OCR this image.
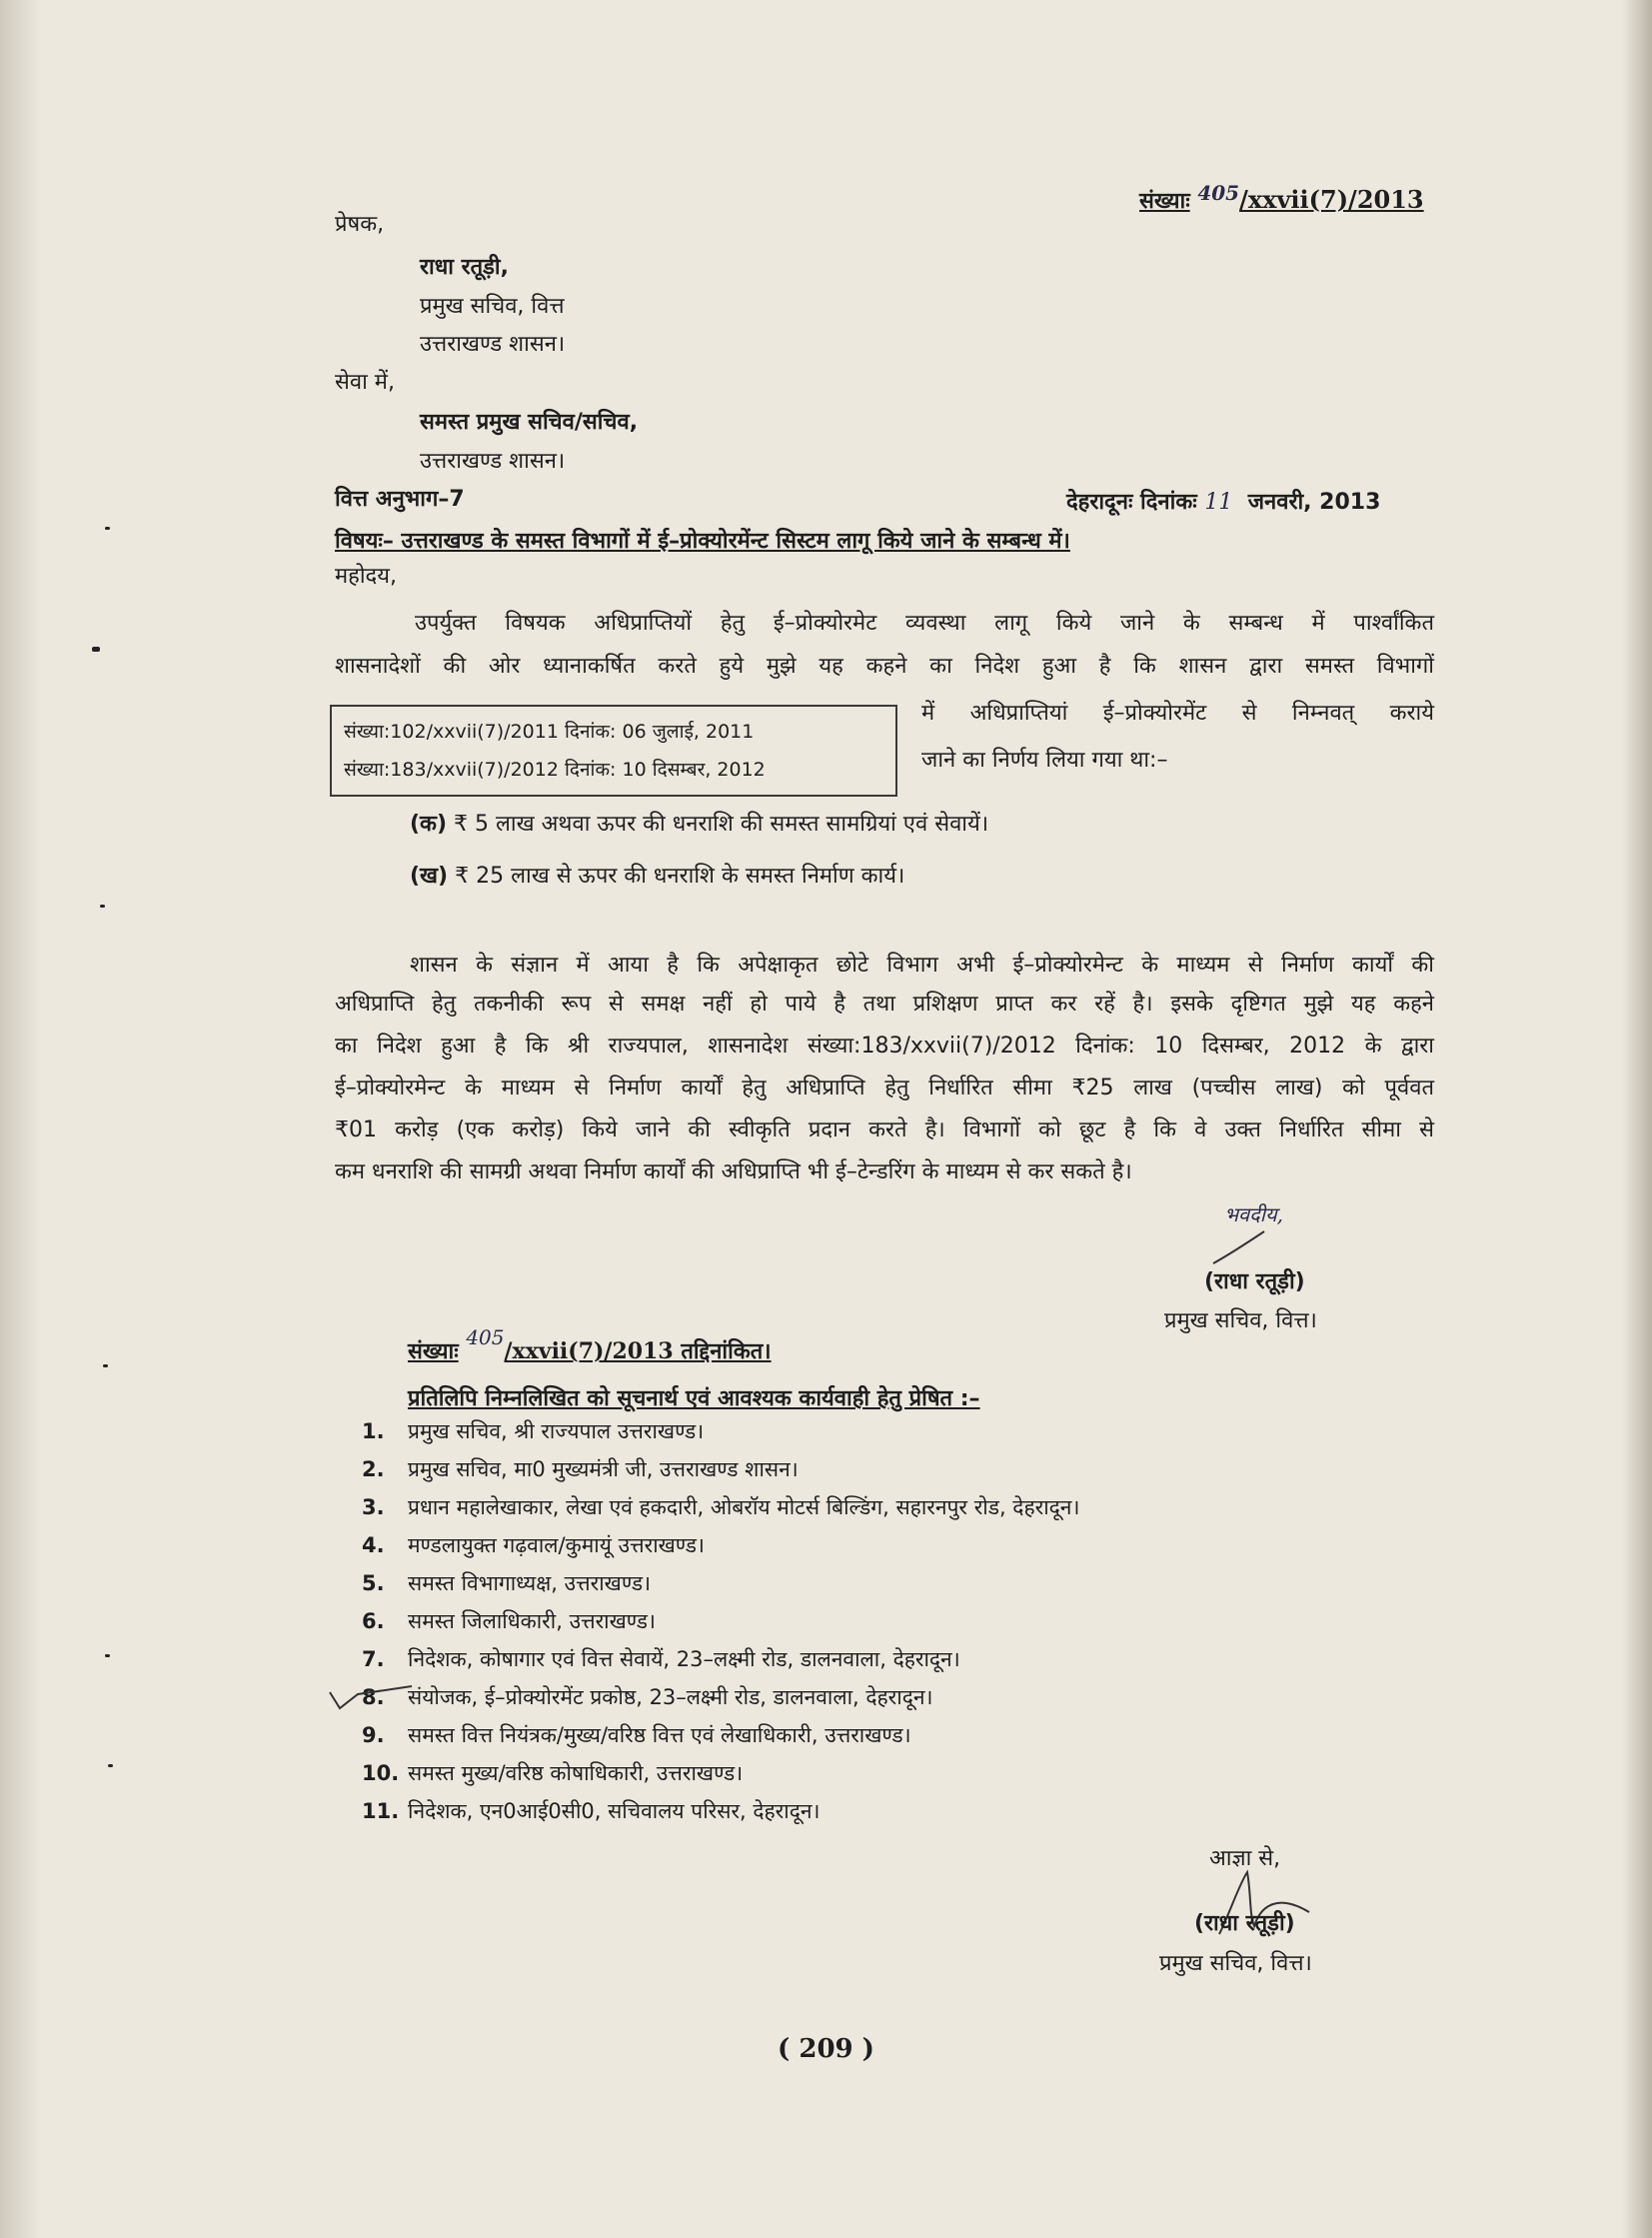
संख्याः 405/xxvii(7)/2013
प्रेषक,
राधा रतूड़ी,
प्रमुख सचिव, वित्त
उत्तराखण्ड शासन।
सेवा में,
समस्त प्रमुख सचिव/सचिव,
उत्तराखण्ड शासन।
वित्त अनुभाग–7	देहरादूनः दिनांकः 11 जनवरी, 2013
विषयः– उत्तराखण्ड के समस्त विभागों में ई–प्रोक्योरमेंन्ट सिस्टम लागू किये जाने के सम्बन्ध में।
महोदय,
उपर्युक्त विषयक अधिप्राप्तियों हेतु ई–प्रोक्योरमेट व्यवस्था लागू किये जाने के सम्बन्ध में पार्श्वांकित
शासनादेशों की ओर ध्यानाकर्षित करते हुये मुझे यह कहने का निदेश हुआ है कि शासन द्वारा समस्त विभागों
में अधिप्राप्तियां ई–प्रोक्योरमेंट से निम्नवत् कराये
जाने का निर्णय लिया गया था:–
संख्या:102/xxvii(7)/2011 दिनांक: 06 जुलाई, 2011
संख्या:183/xxvii(7)/2012 दिनांक: 10 दिसम्बर, 2012
(क) ₹ 5 लाख अथवा ऊपर की धनराशि की समस्त सामग्रियां एवं सेवायें।
(ख) ₹ 25 लाख से ऊपर की धनराशि के समस्त निर्माण कार्य।
शासन के संज्ञान में आया है कि अपेक्षाकृत छोटे विभाग अभी ई–प्रोक्योरमेन्ट के माध्यम से निर्माण कार्यों की
अधिप्राप्ति हेतु तकनीकी रूप से समक्ष नहीं हो पाये है तथा प्रशिक्षण प्राप्त कर रहें है। इसके दृष्टिगत मुझे यह कहने
का निदेश हुआ है कि श्री राज्यपाल, शासनादेश संख्या:183/xxvii(7)/2012 दिनांक: 10 दिसम्बर, 2012 के द्वारा
ई–प्रोक्योरमेन्ट के माध्यम से निर्माण कार्यों हेतु अधिप्राप्ति हेतु निर्धारित सीमा ₹25 लाख (पच्चीस लाख) को पूर्ववत
₹01 करोड़ (एक करोड़) किये जाने की स्वीकृति प्रदान करते है। विभागों को छूट है कि वे उक्त निर्धारित सीमा से
कम धनराशि की सामग्री अथवा निर्माण कार्यों की अधिप्राप्ति भी ई–टेन्डरिंग के माध्यम से कर सकते है।
भवदीय,
(राधा रतूड़ी)
प्रमुख सचिव, वित्त।
संख्याः 405/xxvii(7)/2013 तद्दिनांकित।
प्रतिलिपि निम्नलिखित को सूचनार्थ एवं आवश्यक कार्यवाही हेतु प्रेषित :–
1. प्रमुख सचिव, श्री राज्यपाल उत्तराखण्ड।
2. प्रमुख सचिव, मा0 मुख्यमंत्री जी, उत्तराखण्ड शासन।
3. प्रधान महालेखाकार, लेखा एवं हकदारी, ओबरॉय मोटर्स बिल्डिंग, सहारनपुर रोड, देहरादून।
4. मण्डलायुक्त गढ़वाल/कुमायूं उत्तराखण्ड।
5. समस्त विभागाध्यक्ष, उत्तराखण्ड।
6. समस्त जिलाधिकारी, उत्तराखण्ड।
7. निदेशक, कोषागार एवं वित्त सेवायें, 23–लक्ष्मी रोड, डालनवाला, देहरादून।
8. संयोजक, ई–प्रोक्योरमेंट प्रकोष्ठ, 23–लक्ष्मी रोड, डालनवाला, देहरादून।
9. समस्त वित्त नियंत्रक/मुख्य/वरिष्ठ वित्त एवं लेखाधिकारी, उत्तराखण्ड।
10. समस्त मुख्य/वरिष्ठ कोषाधिकारी, उत्तराखण्ड।
11. निदेशक, एन0आई0सी0, सचिवालय परिसर, देहरादून।
आज्ञा से,
(राधा रतूड़ी)
प्रमुख सचिव, वित्त।
( 209 )
